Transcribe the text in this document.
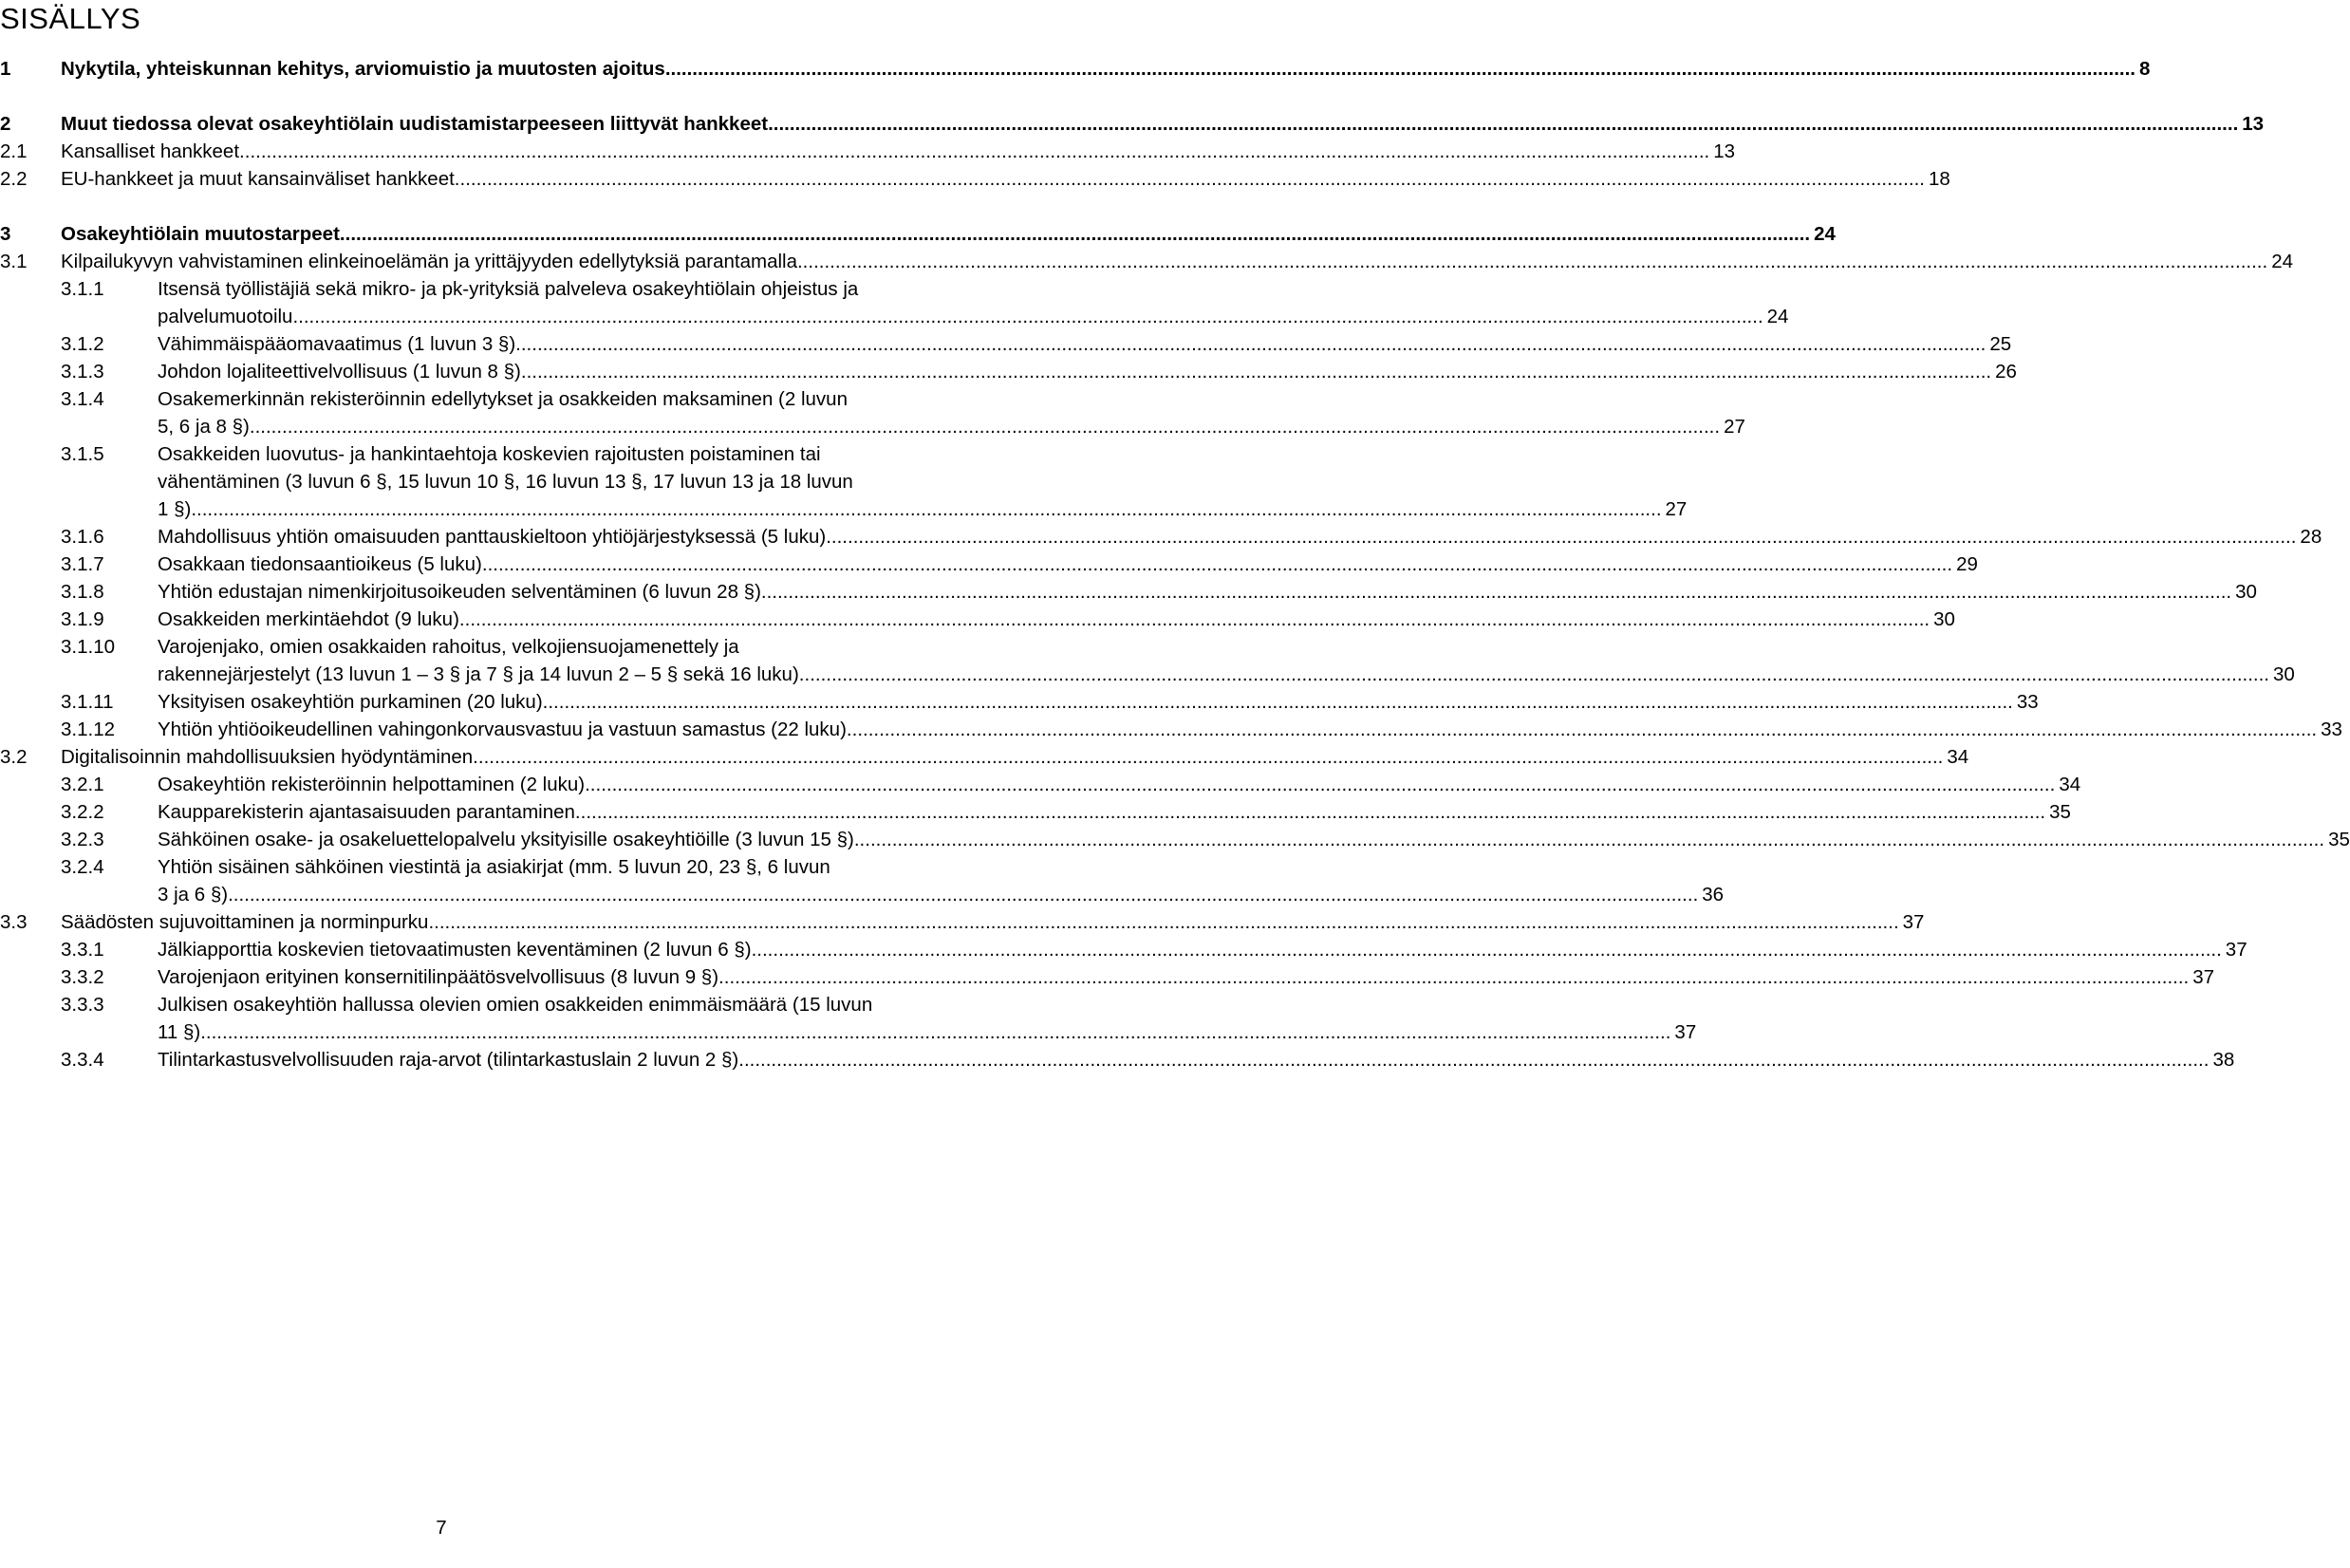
SISÄLLYS
1	Nykytila, yhteiskunnan kehitys, arviomuistio ja muutosten ajoitus .....	8
2	Muut tiedossa olevat osakeyhtiölain uudistamistarpeeseen liittyvät hankkeet .....	13
2.1 Kansalliset hankkeet .....	13
2.2 EU-hankkeet ja muut kansainväliset hankkeet .....	18
3	Osakeyhtiölain muutostarpeet .....	24
3.1 Kilpailukyvyn vahvistaminen elinkeinoelämän ja yrittäjyyden edellytyksiä parantamalla .....	24
3.1.1	Itsensä työllistäjiä sekä mikro- ja pk-yrityksiä palveleva osakeyhtiölain ohjeistus ja
palvelumuotoilu .....	24
3.1.2	Vähimmäispääomavaatimus (1 luvun 3 §) .....	25
3.1.3	Johdon lojaliteettivelvollisuus (1 luvun 8 §) .....	26
3.1.4	Osakemerkinnän rekisteröinnin edellytykset ja osakkeiden maksaminen (2 luvun
5, 6 ja 8 §) .....	27
3.1.5	Osakkeiden luovutus- ja hankintaehtoja koskevien rajoitusten poistaminen tai
vähentäminen (3 luvun 6 §, 15 luvun 10 §, 16 luvun 13 §, 17 luvun 13 ja 18 luvun
1 §) .....	27
3.1.6	Mahdollisuus yhtiön omaisuuden panttauskieltoon yhtiöjärjestyksessä (5 luku) .....	28
3.1.7	Osakkaan tiedonsaantioikeus (5 luku) .....	29
3.1.8	Yhtiön edustajan nimenkirjoitusoikeuden selventäminen (6 luvun 28 §) .....	30
3.1.9	Osakkeiden merkintäehdot (9 luku) .....	30
3.1.10 Varojenjako, omien osakkaiden rahoitus, velkojiensuojamenettely ja
rakennejärjestelyt (13 luvun 1 – 3 § ja 7 § ja 14 luvun 2 – 5 § sekä 16 luku) .....	30
3.1.11 Yksityisen osakeyhtiön purkaminen (20 luku) .....	33
3.1.12 Yhtiön yhtiöoikeudellinen vahingonkorvausvastuu ja vastuun samastus (22 luku) .....	33
3.2 Digitalisoinnin mahdollisuuksien hyödyntäminen .....	34
3.2.1	Osakeyhtiön rekisteröinnin helpottaminen (2 luku) .....	34
3.2.2	Kaupparekisterin ajantasaisuuden parantaminen .....	35
3.2.3	Sähköinen osake- ja osakeluettelopalvelu yksityisille osakeyhtiöille (3 luvun 15 §) .....	35
3.2.4	Yhtiön sisäinen sähköinen viestintä ja asiakirjat (mm. 5 luvun 20, 23 §, 6 luvun
3 ja 6 §) .....	36
3.3 Säädösten sujuvoittaminen ja norminpurku .....	37
3.3.1	Jälkiapporttia koskevien tietovaatimusten keventäminen (2 luvun 6 §) .....	37
3.3.2	Varojenjaon erityinen konsernitilinpäätösvelvollisuus (8 luvun 9 §) .....	37
3.3.3	Julkisen osakeyhtiön hallussa olevien omien osakkeiden enimmäismäärä (15 luvun
11 §) .....	37
3.3.4	Tilintarkastusvelvollisuuden raja-arvot (tilintarkastuslain 2 luvun 2 §) .....	38
7
